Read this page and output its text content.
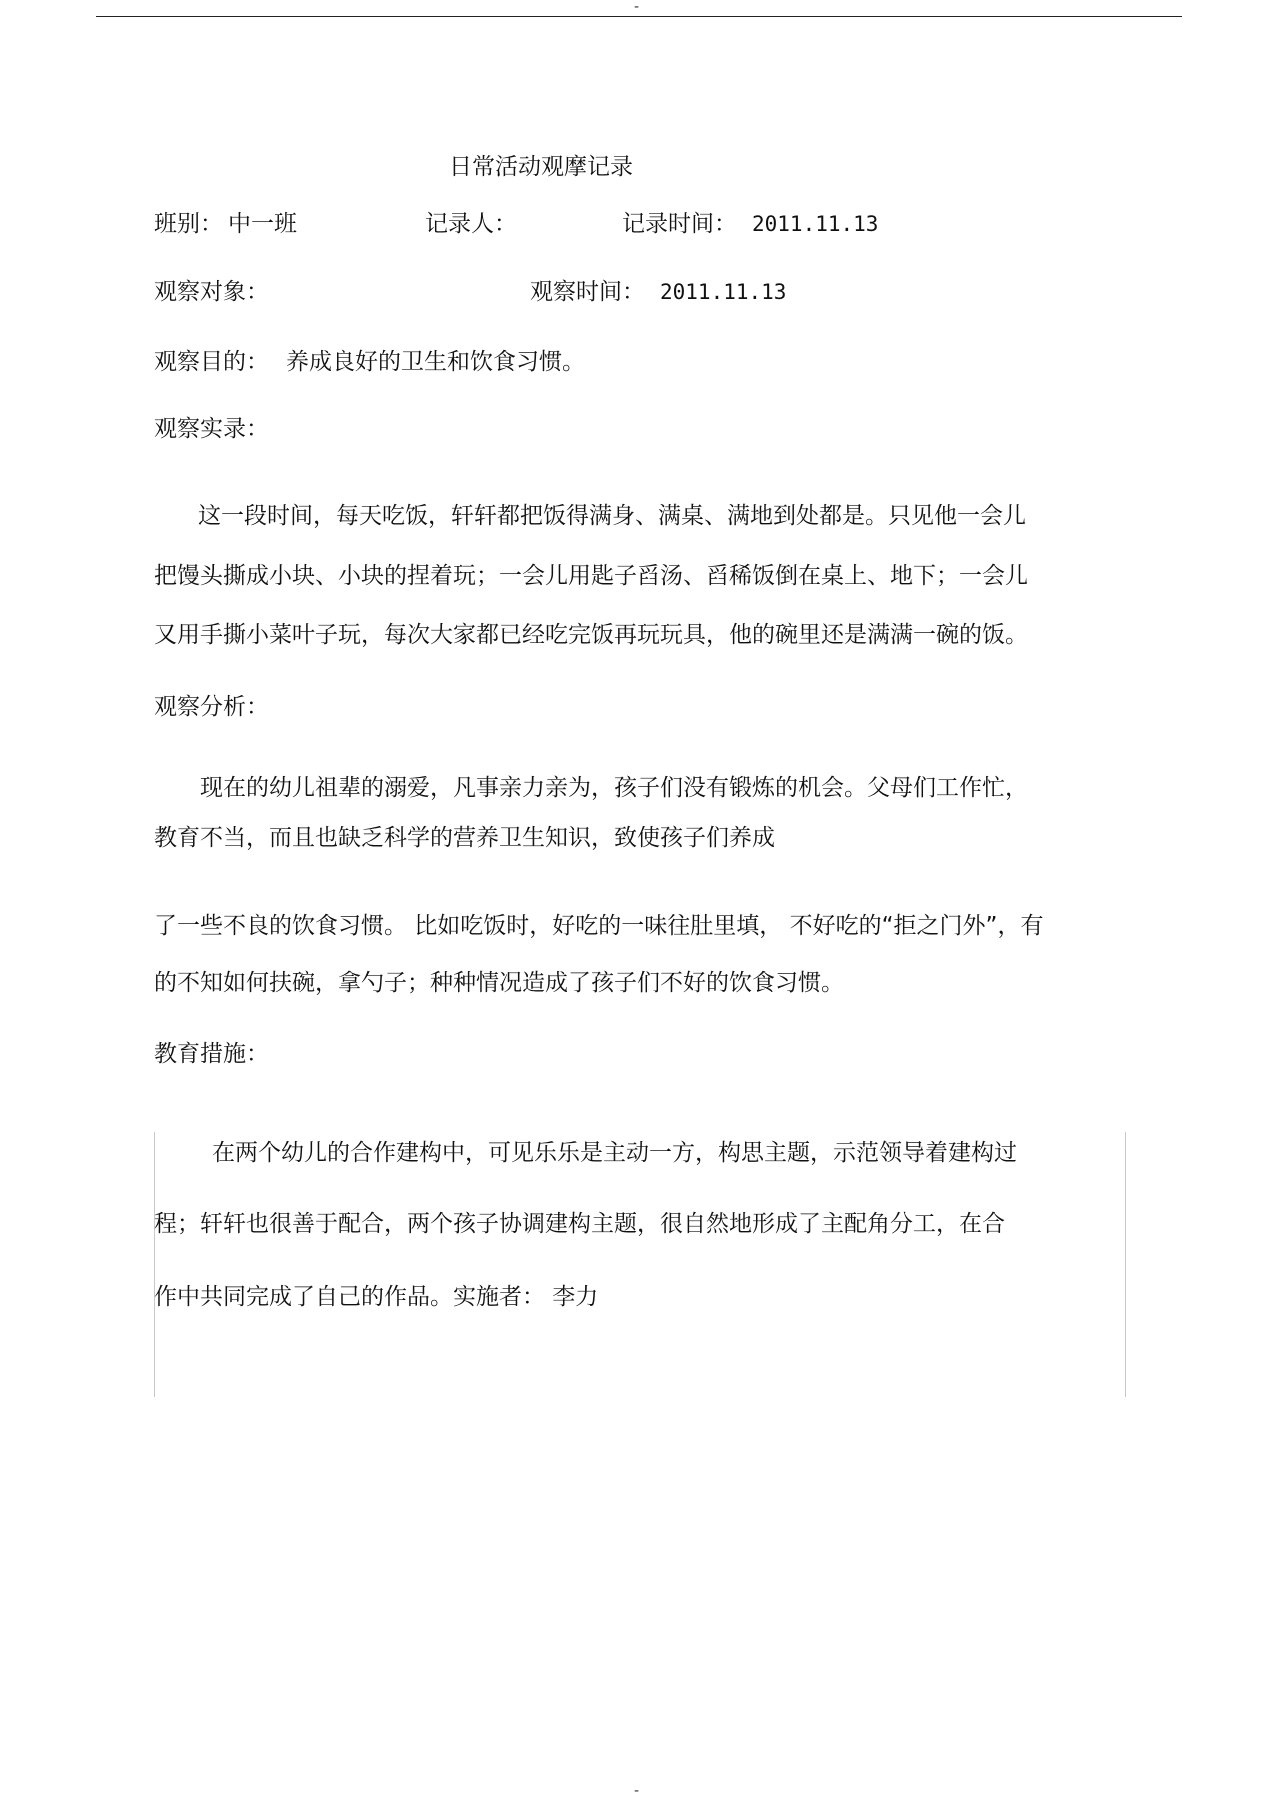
-
日常活动观摩记录
班别： 中一班	记录人：	记录时间： 2011.11.13
观察对象：	观察时间： 2011.11.13
观察目的： 养成良好的卫生和饮食习惯。
观察实录：
这一段时间，每天吃饭，轩轩都把饭得满身、满桌、满地到处都是。只见他一会儿
把馒头撕成小块、小块的捏着玩；一会儿用匙子舀汤、舀稀饭倒在桌上、地下；一会儿
又用手撕小菜叶子玩，每次大家都已经吃完饭再玩玩具，他的碗里还是满满一碗的饭。
观察分析：
现在的幼儿祖辈的溺爱，凡事亲力亲为，孩子们没有锻炼的机会。父母们工作忙，
教育不当，而且也缺乏科学的营养卫生知识，致使孩子们养成
了一些不良的饮食习惯。 比如吃饭时，好吃的一味往肚里填， 不好吃的“拒之门外”，有
的不知如何扶碗，拿勺子；种种情况造成了孩子们不好的饮食习惯。
教育措施：
在两个幼儿的合作建构中，可见乐乐是主动一方，构思主题，示范领导着建构过
程；轩轩也很善于配合，两个孩子协调建构主题，很自然地形成了主配角分工，在合
作中共同完成了自己的作品。实施者： 李力
-
